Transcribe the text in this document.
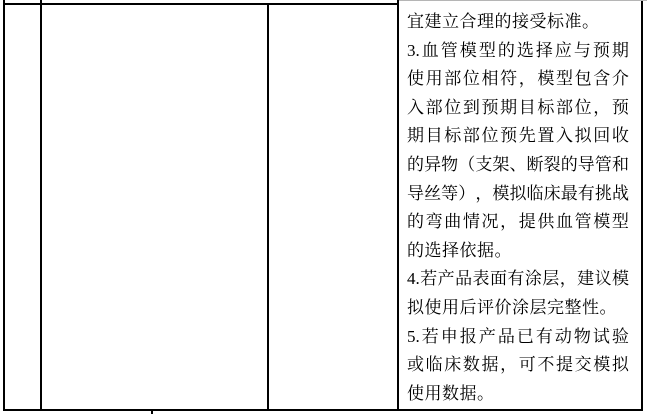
宜建立合理的接受标准。
3. 血 管 模 型 的 选 择 应 与 预 期
使 用 部 位 相 符 ， 模 型 包 含 介
入 部 位 到 预 期 目 标 部 位 ， 预
期 目 标 部 位 预 先 置 入 拟 回 收
的 异 物 （ 支 架 、 断 裂 的 导 管 和
导 丝 等 ） ， 模 拟 临 床 最 有 挑 战
的 弯 曲 情 况 ， 提 供 血 管 模 型
的选择依据。
4. 若 产 品 表 面 有 涂 层 ， 建 议 模
拟使用后评价涂层完整性。
5. 若 申 报 产 品 已 有 动 物 试 验
或 临 床 数 据 ， 可 不 提 交 模 拟
使用数据。
